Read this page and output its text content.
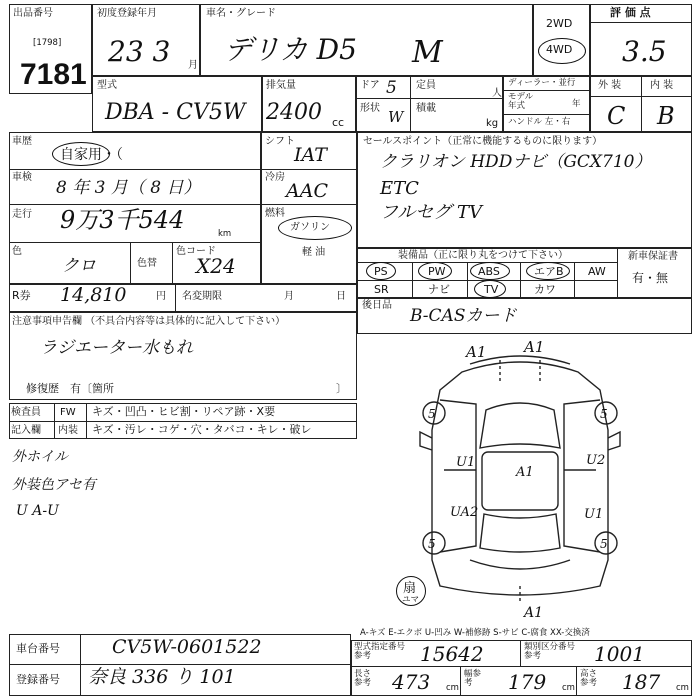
出品番号
[1798]
7181
初度登録年月
23 3 月
車名・グレード
デリカ D5 M
2WD
4WD
評 価 点
3.5
型式
DBA - CV5W
排気量
2400 cc
ドア 5 定員
人
形状 W 積載
kg
ディーラー・並行
モデル年式	年
ハンドル 左・右
外 装	内 装
C B
車歴
自家用・（
車検
8 年 3 月（ 8 日）
走行 9万3千544	km
色
クロ	色替
色コード
X24
シフト
IAT
冷房
AAC
燃料
ガソリン
軽 油
セールスポイント（正常に機能するものに限ります）
クラリオン HDDナビ（GCX710）
ETC
フルセグ TV
装備品（正に限り丸をつけて下さい）	新車保証書
有・無
PS	PW	ABS	エアB AW
SR	ナビ	TV	カワ
後日品
B-CASカード
R券 14,810	円 名変期限	月	日
注意事項申告欄 （不具合内容等は具体的に記入して下さい）
ラジエーター水もれ
修復歴　有〔箇所	〕
検査員
記入欄
FW キズ・凹凸・ヒビ割・リペア跡・X要
内装 キズ・汚レ・コゲ・穴・タバコ・キレ・破レ
外ホイル
外装色アセ有
U A-U
A1	A1
5	5
U1
A1
U2
UA2	U1
5	5
A1
扇
ユマ
A-キズ E-エクボ U-凹み W-補修跡 S-サビ C-腐食 XX-交換済
車台番号	CV5W-0601522
登録番号 奈良 336 り 101
型式指定番号 参考	15642	類別区分番号 参考	1001
長さ参考 473 cm
幅参考	179 cm
高さ参考 187 cm
